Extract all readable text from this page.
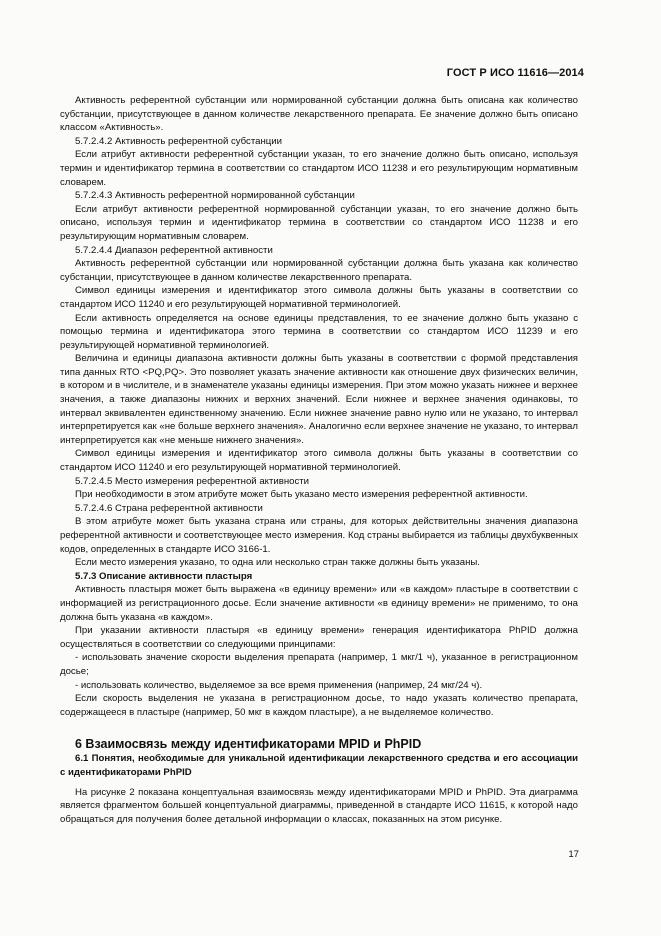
ГОСТ Р ИСО 11616—2014

Активность референтной субстанции или нормированной субстанции должна быть описана как количество субстанции, присутствующее в данном количестве лекарственного препарата. Ее значение должно быть описано классом «Активность».

5.7.2.4.2 Активность референтной субстанции

Если атрибут активности референтной субстанции указан, то его значение должно быть описано, используя термин и идентификатор термина в соответствии со стандартом ИСО 11238 и его результирующим нормативным словарем.

5.7.2.4.3 Активность референтной нормированной субстанции

Если атрибут активности референтной нормированной субстанции указан, то его значение должно быть описано, используя термин и идентификатор термина в соответствии со стандартом ИСО 11238 и его результирующим нормативным словарем.

5.7.2.4.4 Диапазон референтной активности

Активность референтной субстанции или нормированной субстанции должна быть указана как количество субстанции, присутствующее в данном количестве лекарственного препарата.

Символ единицы измерения и идентификатор этого символа должны быть указаны в соответствии со стандартом ИСО 11240 и его результирующей нормативной терминологией.

Если активность определяется на основе единицы представления, то ее значение должно быть указано с помощью термина и идентификатора этого термина в соответствии со стандартом ИСО 11239 и его результирующей нормативной терминологией.

Величина и единицы диапазона активности должны быть указаны в соответствии с формой представления типа данных RTO <PQ,PQ>. Это позволяет указать значение активности как отношение двух физических величин, в котором и в числителе, и в знаменателе указаны единицы измерения. При этом можно указать нижнее и верхнее значения, а также диапазоны нижних и верхних значений. Если нижнее и верхнее значения одинаковы, то интервал эквивалентен единственному значению. Если нижнее значение равно нулю или не указано, то интервал интерпретируется как «не больше верхнего значения». Аналогично если верхнее значение не указано, то интервал интерпретируется как «не меньше нижнего значения».

Символ единицы измерения и идентификатор этого символа должны быть указаны в соответствии со стандартом ИСО 11240 и его результирующей нормативной терминологией.

5.7.2.4.5 Место измерения референтной активности

При необходимости в этом атрибуте может быть указано место измерения референтной активности.

5.7.2.4.6 Страна референтной активности

В этом атрибуте может быть указана страна или страны, для которых действительны значения диапазона референтной активности и соответствующее место измерения. Код страны выбирается из таблицы двухбуквенных кодов, определенных в стандарте ИСО 3166-1.

Если место измерения указано, то одна или несколько стран также должны быть указаны.

5.7.3 Описание активности пластыря

Активность пластыря может быть выражена «в единицу времени» или «в каждом» пластыре в соответствии с информацией из регистрационного досье. Если значение активности «в единицу времени» не применимо, то она должна быть указана «в каждом».

При указании активности пластыря «в единицу времени» генерация идентификатора PhPID должна осуществляться в соответствии со следующими принципами:

- использовать значение скорости выделения препарата (например, 1 мкг/1 ч), указанное в регистрационном досье;

- использовать количество, выделяемое за все время применения (например, 24 мкг/24 ч).

Если скорость выделения не указана в регистрационном досье, то надо указать количество препарата, содержащееся в пластыре (например, 50 мкг в каждом пластыре), а не выделяемое количество.

6 Взаимосвязь между идентификаторами MPID и PhPID

6.1 Понятия, необходимые для уникальной идентификации лекарственного средства и его ассоциации с идентификаторами PhPID

На рисунке 2 показана концептуальная взаимосвязь между идентификаторами MPID и PhPID. Эта диаграмма является фрагментом большей концептуальной диаграммы, приведенной в стандарте ИСО 11615, к которой надо обращаться для получения более детальной информации о классах, показанных на этом рисунке.

17
